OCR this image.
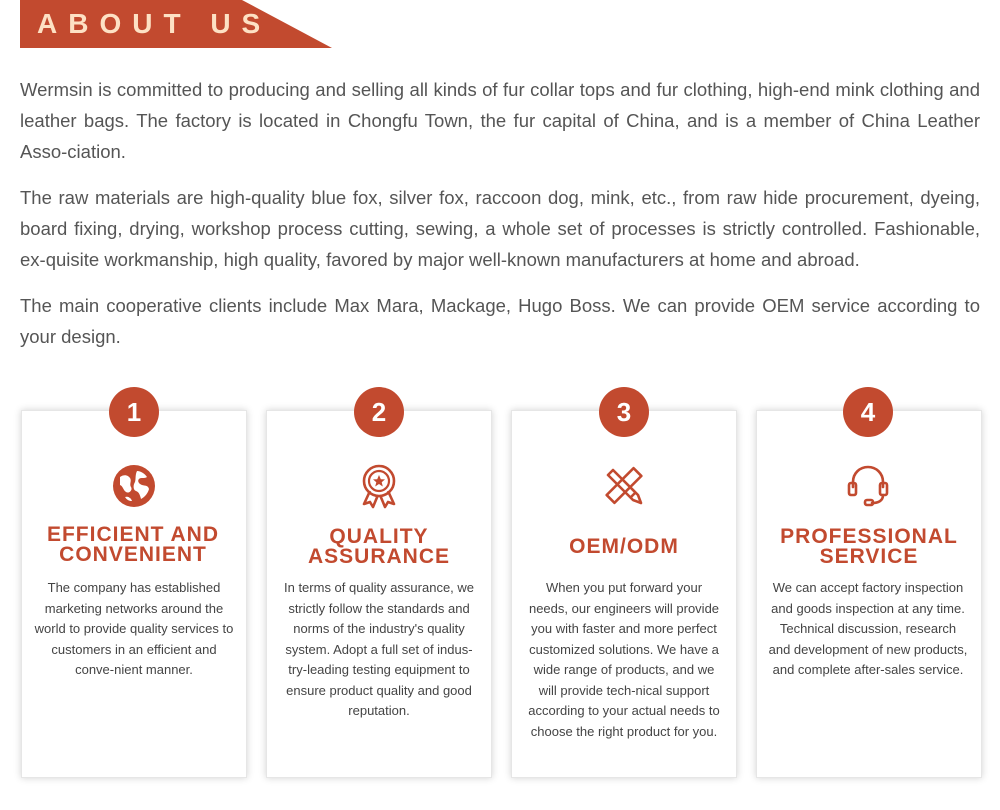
ABOUT US

Wermsin is committed to producing and selling all kinds of fur collar tops and fur clothing, high-end mink clothing and leather bags. The factory is located in Chongfu Town, the fur capital of China, and is a member of China Leather Asso-ciation.

The raw materials are high-quality blue fox, silver fox, raccoon dog, mink, etc., from raw hide procurement, dyeing, board fixing, drying, workshop process cutting, sewing, a whole set of processes is strictly controlled. Fashionable, ex-quisite workmanship, high quality, favored by major well-known manufacturers at home and abroad.

The main cooperative clients include Max Mara, Mackage, Hugo Boss. We can provide OEM service according to your design.

1
EFFICIENT AND
CONVENIENT
The company has established marketing networks around the world to provide quality services to customers in an efficient and conve-nient manner.
2
QUALITY
ASSURANCE
In terms of quality assurance, we strictly follow the standards and norms of the industry's quality system. Adopt a full set of indus-try-leading testing equipment to ensure product quality and good reputation.
3
OEM/ODM
When you put forward your needs, our engineers will provide you with faster and more perfect customized solutions. We have a wide range of products, and we will provide tech-nical support according to your actual needs to choose the right product for you.
4
PROFESSIONAL
SERVICE
We can accept factory inspection and goods inspection at any time. Technical discussion, research and development of new products, and complete after-sales service.
